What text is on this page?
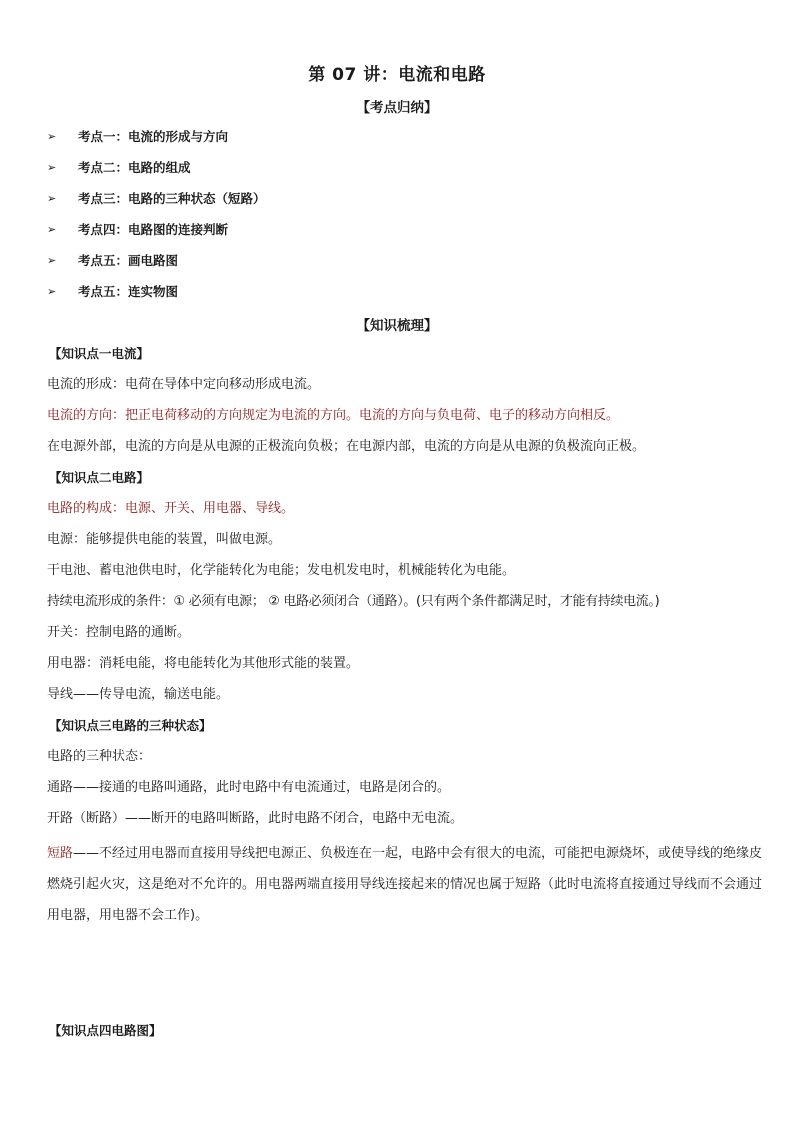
第 07 讲：电流和电路
【考点归纳】
➢	考点一：电流的形成与方向
➢	考点二：电路的组成
➢	考点三：电路的三种状态（短路）
➢	考点四：电路图的连接判断
➢	考点五：画电路图
➢	考点五：连实物图
【知识梳理】
【知识点一电流】
电流的形成：电荷在导体中定向移动形成电流。
电流的方向：把正电荷移动的方向规定为电流的方向。电流的方向与负电荷、电子的移动方向相反。
在电源外部，电流的方向是从电源的正极流向负极；在电源内部，电流的方向是从电源的负极流向正极。
【知识点二电路】
电路的构成：电源、开关、用电器、导线。
电源：能够提供电能的装置，叫做电源。
干电池、蓄电池供电时，化学能转化为电能；发电机发电时，机械能转化为电能。
持续电流形成的条件：① 必须有电源； ② 电路必须闭合（通路）。(只有两个条件都满足时，才能有持续电流。)
开关：控制电路的通断。
用电器：消耗电能，将电能转化为其他形式能的装置。
导线——传导电流，输送电能。
【知识点三电路的三种状态】
电路的三种状态：
通路——接通的电路叫通路，此时电路中有电流通过，电路是闭合的。
开路（断路）——断开的电路叫断路，此时电路不闭合，电路中无电流。
短路——不经过用电器而直接用导线把电源正、负极连在一起，电路中会有很大的电流，可能把电源烧坏，或使导线的绝缘皮燃烧引起火灾，这是绝对不允许的。用电器两端直接用导线连接起来的情况也属于短路（此时电流将直接通过导线而不会通过用电器，用电器不会工作)。
【知识点四电路图】
